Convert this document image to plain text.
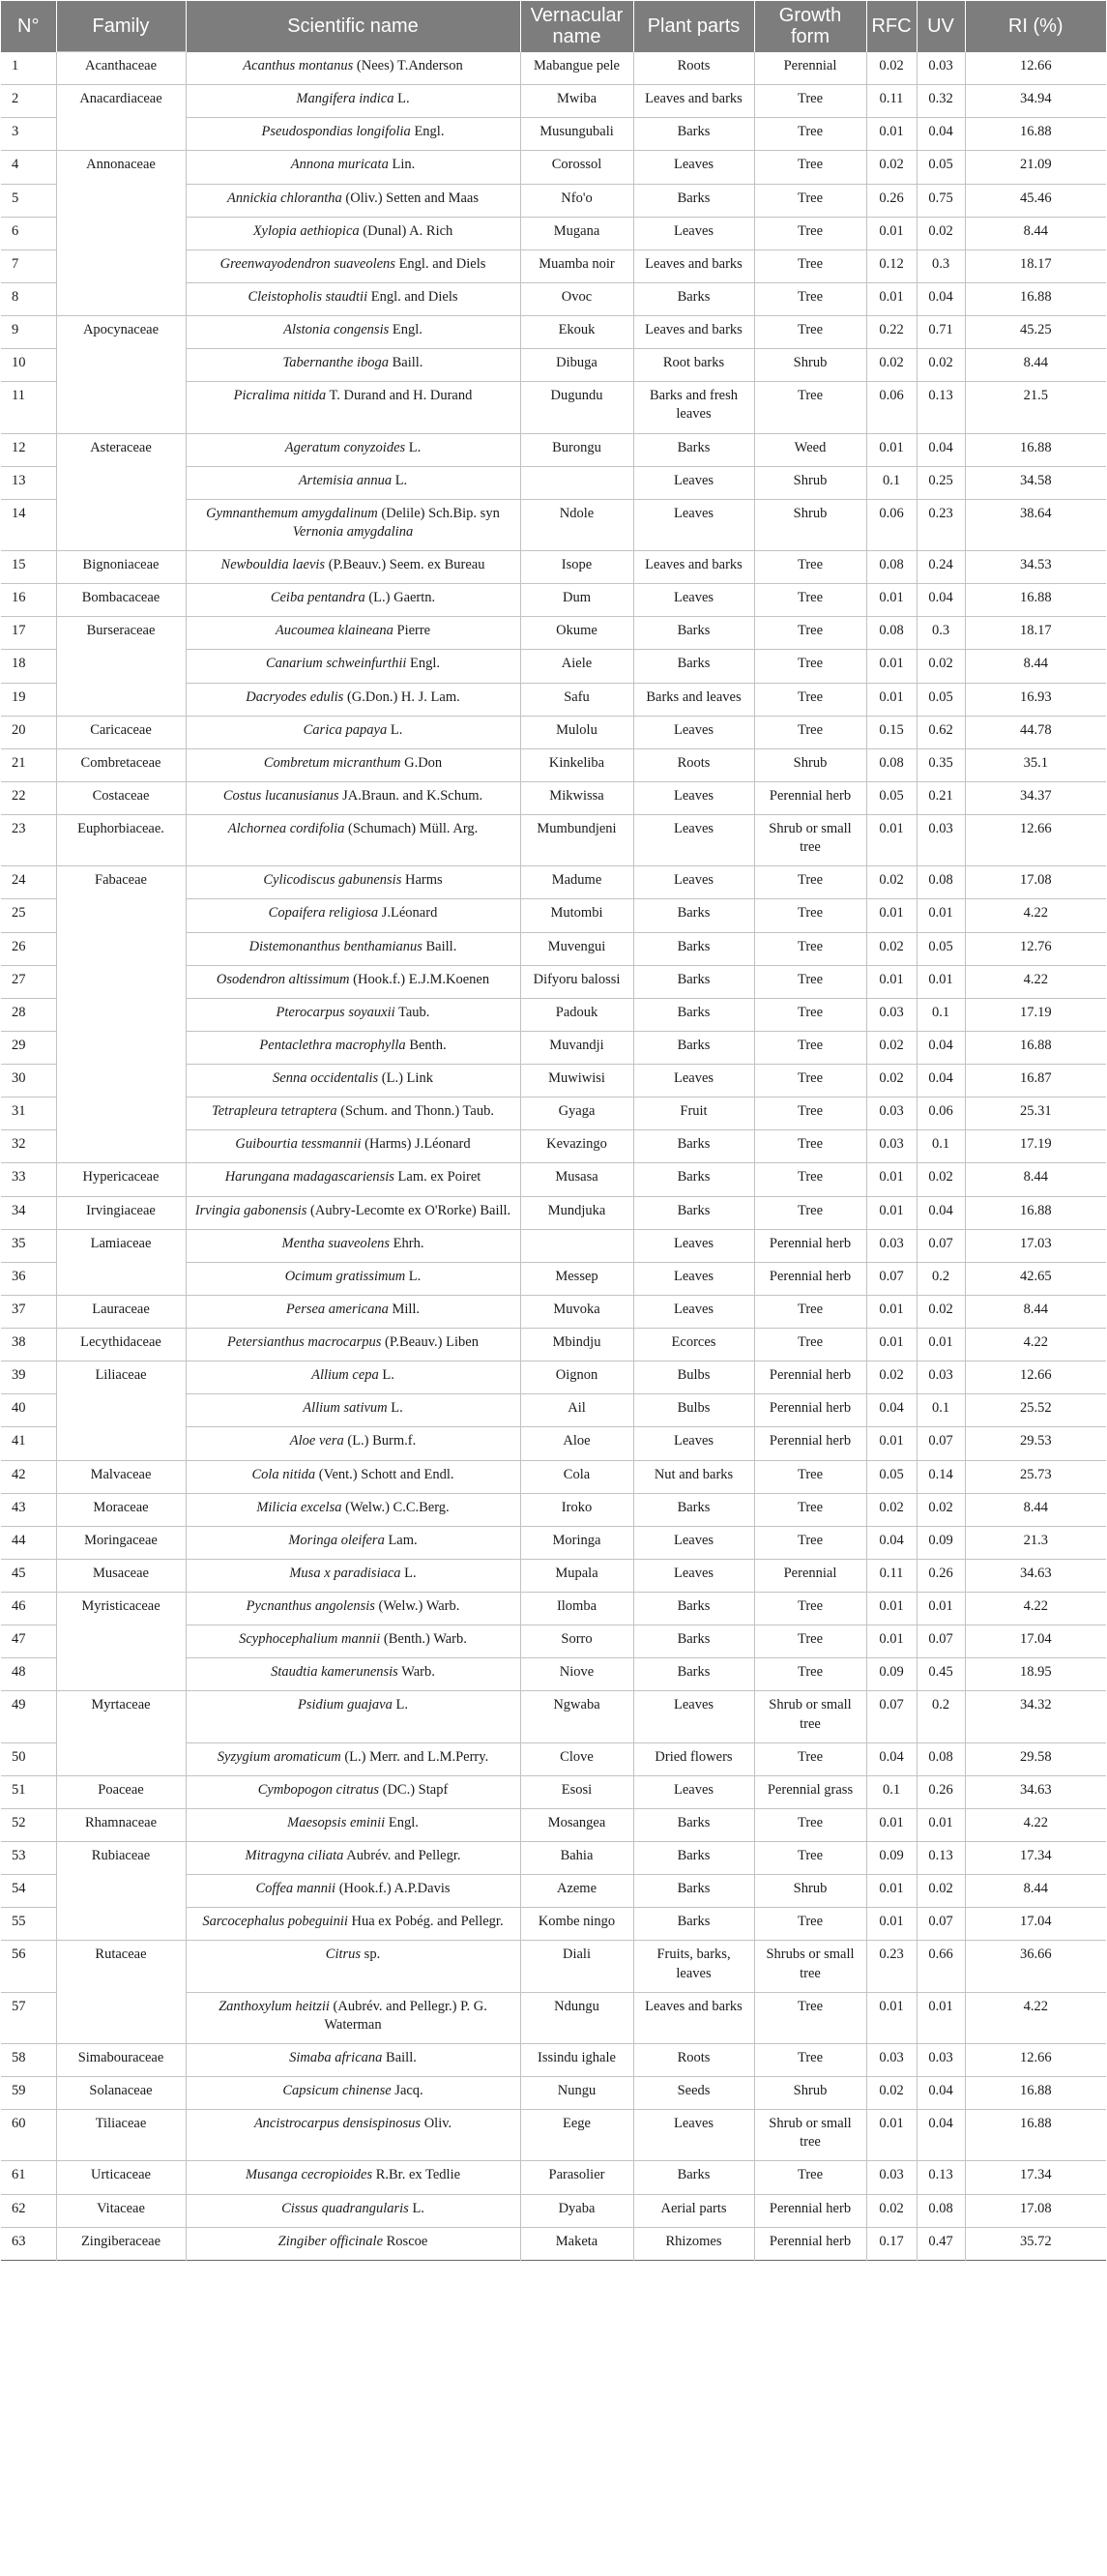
N°	Family	Scientific name	Vernacular name	Plant parts	Growth form	RFC	UV	RI (%)
1	Acanthaceae	Acanthus montanus (Nees) T.Anderson	Mabangue pele	Roots	Perennial	0.02	0.03	12.66
2	Anacardiaceae	Mangifera indica L.	Mwiba	Leaves and barks	Tree	0.11	0.32	34.94
3		Pseudospondias longifolia Engl.	Musungubali	Barks	Tree	0.01	0.04	16.88
4	Annonaceae	Annona muricata Lin.	Corossol	Leaves	Tree	0.02	0.05	21.09
5		Annickia chlorantha (Oliv.) Setten and Maas	Nfo'o	Barks	Tree	0.26	0.75	45.46
6		Xylopia aethiopica (Dunal) A. Rich	Mugana	Leaves	Tree	0.01	0.02	8.44
7		Greenwayodendron suaveolens Engl. and Diels	Muamba noir	Leaves and barks	Tree	0.12	0.3	18.17
8		Cleistopholis staudtii Engl. and Diels	Ovoc	Barks	Tree	0.01	0.04	16.88
9	Apocynaceae	Alstonia congensis Engl.	Ekouk	Leaves and barks	Tree	0.22	0.71	45.25
10		Tabernanthe iboga Baill.	Dibuga	Root barks	Shrub	0.02	0.02	8.44
11		Picralima nitida T. Durand and H. Durand	Dugundu	Barks and fresh leaves	Tree	0.06	0.13	21.5
12	Asteraceae	Ageratum conyzoides L.	Burongu	Barks	Weed	0.01	0.04	16.88
13		Artemisia annua L.		Leaves	Shrub	0.1	0.25	34.58
14		Gymnanthemum amygdalinum (Delile) Sch.Bip. syn Vernonia amygdalina	Ndole	Leaves	Shrub	0.06	0.23	38.64
15	Bignoniaceae	Newbouldia laevis (P.Beauv.) Seem. ex Bureau	Isope	Leaves and barks	Tree	0.08	0.24	34.53
16	Bombacaceae	Ceiba pentandra (L.) Gaertn.	Dum	Leaves	Tree	0.01	0.04	16.88
17	Burseraceae	Aucoumea klaineana Pierre	Okume	Barks	Tree	0.08	0.3	18.17
18		Canarium schweinfurthii Engl.	Aiele	Barks	Tree	0.01	0.02	8.44
19		Dacryodes edulis (G.Don.) H. J. Lam.	Safu	Barks and leaves	Tree	0.01	0.05	16.93
20	Caricaceae	Carica papaya L.	Mulolu	Leaves	Tree	0.15	0.62	44.78
21	Combretaceae	Combretum micranthum G.Don	Kinkeliba	Roots	Shrub	0.08	0.35	35.1
22	Costaceae	Costus lucanusianus JA.Braun. and K.Schum.	Mikwissa	Leaves	Perennial herb	0.05	0.21	34.37
23	Euphorbiaceae.	Alchornea cordifolia (Schumach) Müll. Arg.	Mumbundjeni	Leaves	Shrub or small tree	0.01	0.03	12.66
24	Fabaceae	Cylicodiscus gabunensis Harms	Madume	Leaves	Tree	0.02	0.08	17.08
25		Copaifera religiosa J.Léonard	Mutombi	Barks	Tree	0.01	0.01	4.22
26		Distemonanthus benthamianus Baill.	Muvengui	Barks	Tree	0.02	0.05	12.76
27		Osodendron altissimum (Hook.f.) E.J.M.Koenen	Difyoru balossi	Barks	Tree	0.01	0.01	4.22
28		Pterocarpus soyauxii Taub.	Padouk	Barks	Tree	0.03	0.1	17.19
29		Pentaclethra macrophylla Benth.	Muvandji	Barks	Tree	0.02	0.04	16.88
30		Senna occidentalis (L.) Link	Muwiwisi	Leaves	Tree	0.02	0.04	16.87
31		Tetrapleura tetraptera (Schum. and Thonn.) Taub.	Gyaga	Fruit	Tree	0.03	0.06	25.31
32		Guibourtia tessmannii (Harms) J.Léonard	Kevazingo	Barks	Tree	0.03	0.1	17.19
33	Hypericaceae	Harungana madagascariensis Lam. ex Poiret	Musasa	Barks	Tree	0.01	0.02	8.44
34	Irvingiaceae	Irvingia gabonensis (Aubry-Lecomte ex O'Rorke) Baill.	Mundjuka	Barks	Tree	0.01	0.04	16.88
35	Lamiaceae	Mentha suaveolens Ehrh.		Leaves	Perennial herb	0.03	0.07	17.03
36		Ocimum gratissimum L.	Messep	Leaves	Perennial herb	0.07	0.2	42.65
37	Lauraceae	Persea americana Mill.	Muvoka	Leaves	Tree	0.01	0.02	8.44
38	Lecythidaceae	Petersianthus macrocarpus (P.Beauv.) Liben	Mbindju	Ecorces	Tree	0.01	0.01	4.22
39	Liliaceae	Allium cepa L.	Oignon	Bulbs	Perennial herb	0.02	0.03	12.66
40		Allium sativum L.	Ail	Bulbs	Perennial herb	0.04	0.1	25.52
41		Aloe vera (L.) Burm.f.	Aloe	Leaves	Perennial herb	0.01	0.07	29.53
42	Malvaceae	Cola nitida (Vent.) Schott and Endl.	Cola	Nut and barks	Tree	0.05	0.14	25.73
43	Moraceae	Milicia excelsa (Welw.) C.C.Berg.	Iroko	Barks	Tree	0.02	0.02	8.44
44	Moringaceae	Moringa oleifera Lam.	Moringa	Leaves	Tree	0.04	0.09	21.3
45	Musaceae	Musa x paradisiaca L.	Mupala	Leaves	Perennial	0.11	0.26	34.63
46	Myristicaceae	Pycnanthus angolensis (Welw.) Warb.	Ilomba	Barks	Tree	0.01	0.01	4.22
47		Scyphocephalium mannii (Benth.) Warb.	Sorro	Barks	Tree	0.01	0.07	17.04
48		Staudtia kamerunensis Warb.	Niove	Barks	Tree	0.09	0.45	18.95
49	Myrtaceae	Psidium guajava L.	Ngwaba	Leaves	Shrub or small tree	0.07	0.2	34.32
50		Syzygium aromaticum (L.) Merr. and L.M.Perry.	Clove	Dried flowers	Tree	0.04	0.08	29.58
51	Poaceae	Cymbopogon citratus (DC.) Stapf	Esosi	Leaves	Perennial grass	0.1	0.26	34.63
52	Rhamnaceae	Maesopsis eminii Engl.	Mosangea	Barks	Tree	0.01	0.01	4.22
53	Rubiaceae	Mitragyna ciliata Aubrév. and Pellegr.	Bahia	Barks	Tree	0.09	0.13	17.34
54		Coffea mannii (Hook.f.) A.P.Davis	Azeme	Barks	Shrub	0.01	0.02	8.44
55		Sarcocephalus pobeguinii Hua ex Pobég. and Pellegr.	Kombe ningo	Barks	Tree	0.01	0.07	17.04
56	Rutaceae	Citrus sp.	Diali	Fruits, barks, leaves	Shrubs or small tree	0.23	0.66	36.66
57		Zanthoxylum heitzii (Aubrév. and Pellegr.) P. G. Waterman	Ndungu	Leaves and barks	Tree	0.01	0.01	4.22
58	Simabouraceae	Simaba africana Baill.	Issindu ighale	Roots	Tree	0.03	0.03	12.66
59	Solanaceae	Capsicum chinense Jacq.	Nungu	Seeds	Shrub	0.02	0.04	16.88
60	Tiliaceae	Ancistrocarpus densispinosus Oliv.	Eege	Leaves	Shrub or small tree	0.01	0.04	16.88
61	Urticaceae	Musanga cecropioides R.Br. ex Tedlie	Parasolier	Barks	Tree	0.03	0.13	17.34
62	Vitaceae	Cissus quadrangularis L.	Dyaba	Aerial parts	Perennial herb	0.02	0.08	17.08
63	Zingiberaceae	Zingiber officinale Roscoe	Maketa	Rhizomes	Perennial herb	0.17	0.47	35.72
